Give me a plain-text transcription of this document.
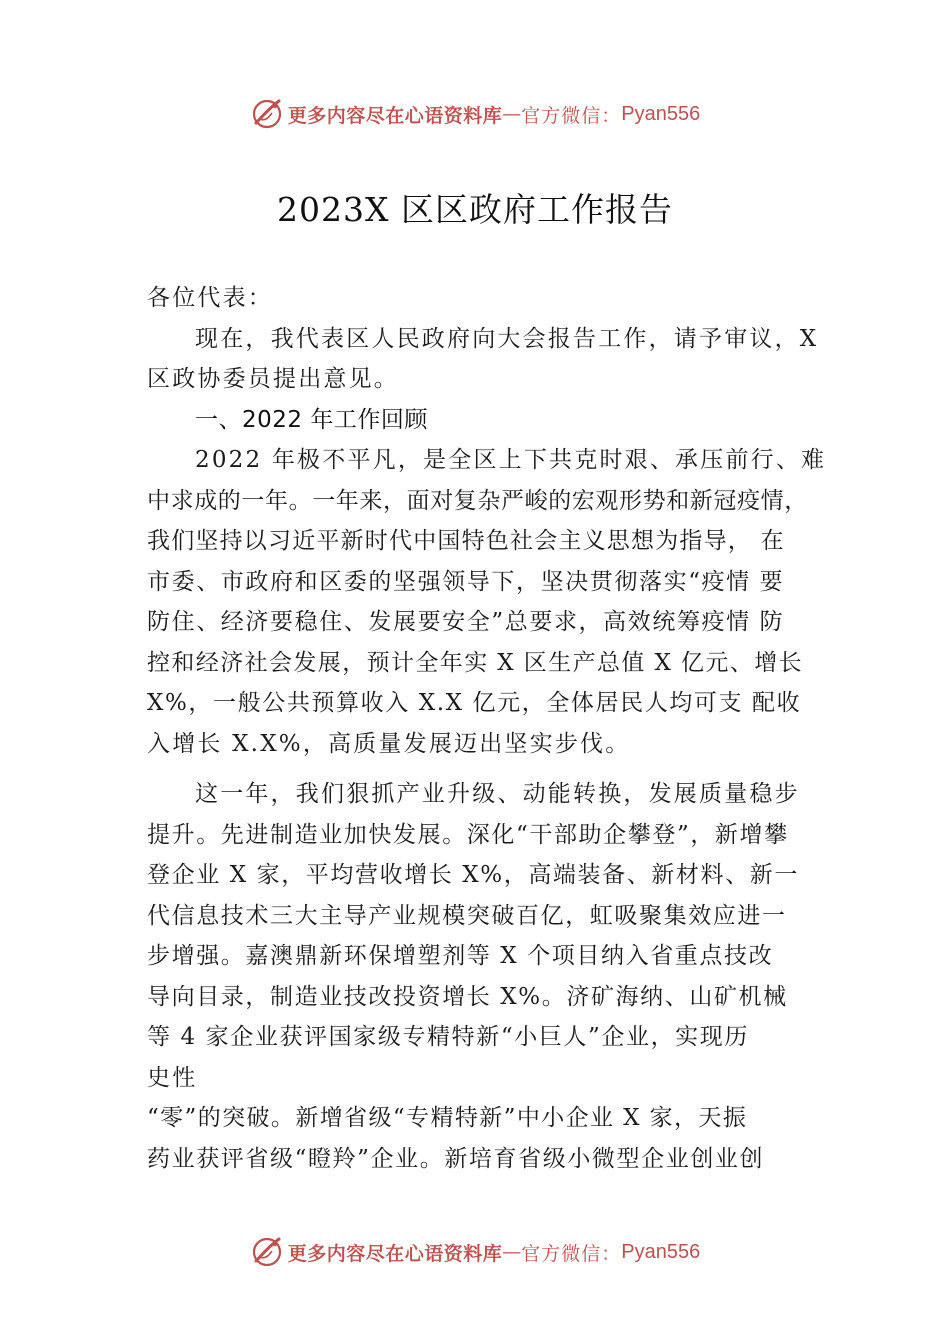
更多内容尽在心语资料库 — 官方微信： Pyan556
2023X 区区政府工作报告
各位代表：
现在，我代表区人民政府向大会报告工作，请予审议，X
区政协委员提出意见。
一、2022 年工作回顾
2022 年极不平凡，是全区上下共克时艰、承压前行、难
中求成的一年。一年来，面对复杂严峻的宏观形势和新冠疫情，
我们坚持以习近平新时代中国特色社会主义思想为指导， 在
市委、市政府和区委的坚强领导下，坚决贯彻落实“疫情 要
防住、经济要稳住、发展要安全”总要求，高效统筹疫情 防
控和经济社会发展，预计全年实 X 区生产总值 X 亿元、增长
X%，一般公共预算收入 X.X 亿元，全体居民人均可支 配收
入增长 X.X%，高质量发展迈出坚实步伐。
这一年，我们狠抓产业升级、动能转换，发展质量稳步
提升。先进制造业加快发展。深化“干部助企攀登”，新增攀
登企业 X 家，平均营收增长 X%，高端装备、新材料、新一
代信息技术三大主导产业规模突破百亿，虹吸聚集效应进一
步增强。嘉澳鼎新环保增塑剂等 X 个项目纳入省重点技改
导向目录，制造业技改投资增长 X%。济矿海纳、山矿机械
等 4 家企业获评国家级专精特新“小巨人”企业，实现历
史性
“零”的突破。新增省级“专精特新”中小企业 X 家，天振
药业获评省级“瞪羚”企业。新培育省级小微型企业创业创
更多内容尽在心语资料库 — 官方微信： Pyan556
